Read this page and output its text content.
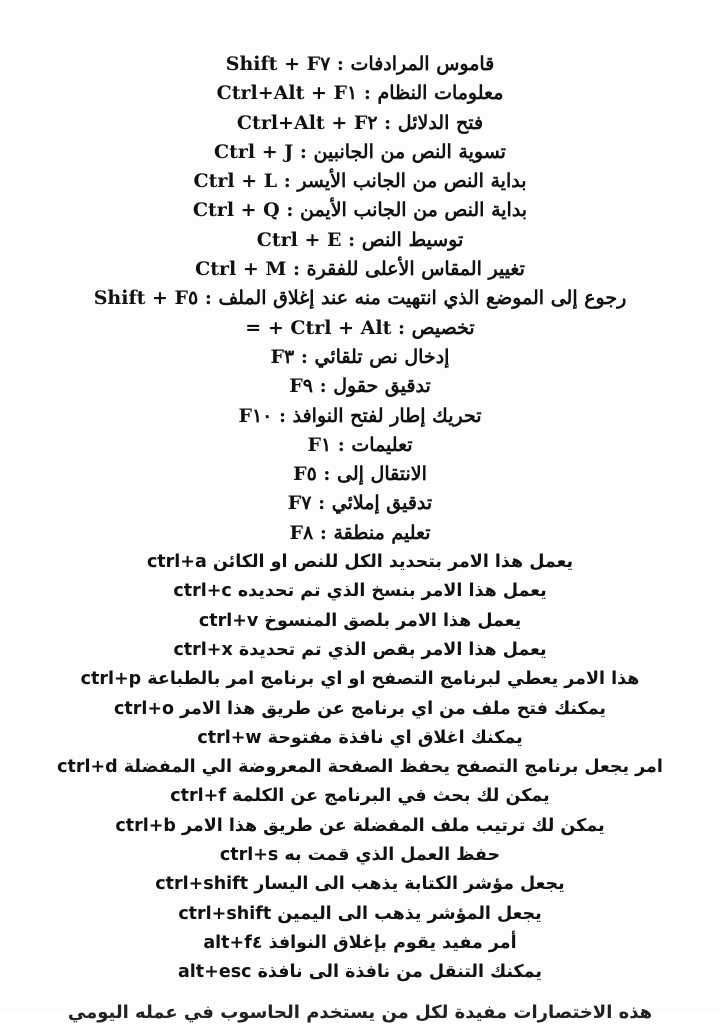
قاموس المرادفات : Shift + F٧
معلومات النظام : Ctrl+Alt + F١
فتح الدلائل : Ctrl+Alt + F٢
تسوية النص من الجانبين : Ctrl + J
بداية النص من الجانب الأيسر : Ctrl + L
بداية النص من الجانب الأيمن : Ctrl + Q
توسيط النص : Ctrl + E
تغيير المقاس الأعلى للفقرة : Ctrl + M
رجوع إلى الموضع الذي انتهيت منه عند إغلاق الملف : Shift + F٥
تخصيص : Ctrl + Alt + =
إدخال نص تلقائي : F٣
تدقيق حقول : F٩
تحريك إطار لفتح النوافذ : F١٠
تعليمات : F١
الانتقال إلى : F٥
تدقيق إملائي : F٧
تعليم منطقة : F٨
يعمل هذا الامر بتحديد الكل للنص او الكائن ctrl+a
يعمل هذا الامر بنسخ الذي تم تحديده ctrl+c
يعمل هذا الامر بلصق المنسوخ ctrl+v
يعمل هذا الامر بقص الذي تم تحديدة ctrl+x
هذا الامر يعطي لبرنامج التصفح او اي برنامج امر بالطباعة ctrl+p
يمكنك فتح ملف من اي برنامج عن طريق هذا الامر ctrl+o
يمكنك اغلاق اي نافذة مفتوحة ctrl+w
امر يجعل برنامج التصفح يحفظ الصفحة المعروضة الي المفضلة ctrl+d
يمكن لك بحث في البرنامج عن الكلمة ctrl+f
يمكن لك ترتيب ملف المفضلة عن طريق هذا الامر ctrl+b
حفظ العمل الذي قمت به ctrl+s
يجعل مؤشر الكتابة يذهب الى اليسار ctrl+shift
يجعل المؤشر يذهب الى اليمين ctrl+shift
أمر مفيد يقوم بإغلاق النوافذ alt+f٤
يمكنك التنقل من نافذة الى نافذة alt+esc
هذه الاختصارات مفيدة لكل من يستخدم الحاسوب في عمله اليومي
